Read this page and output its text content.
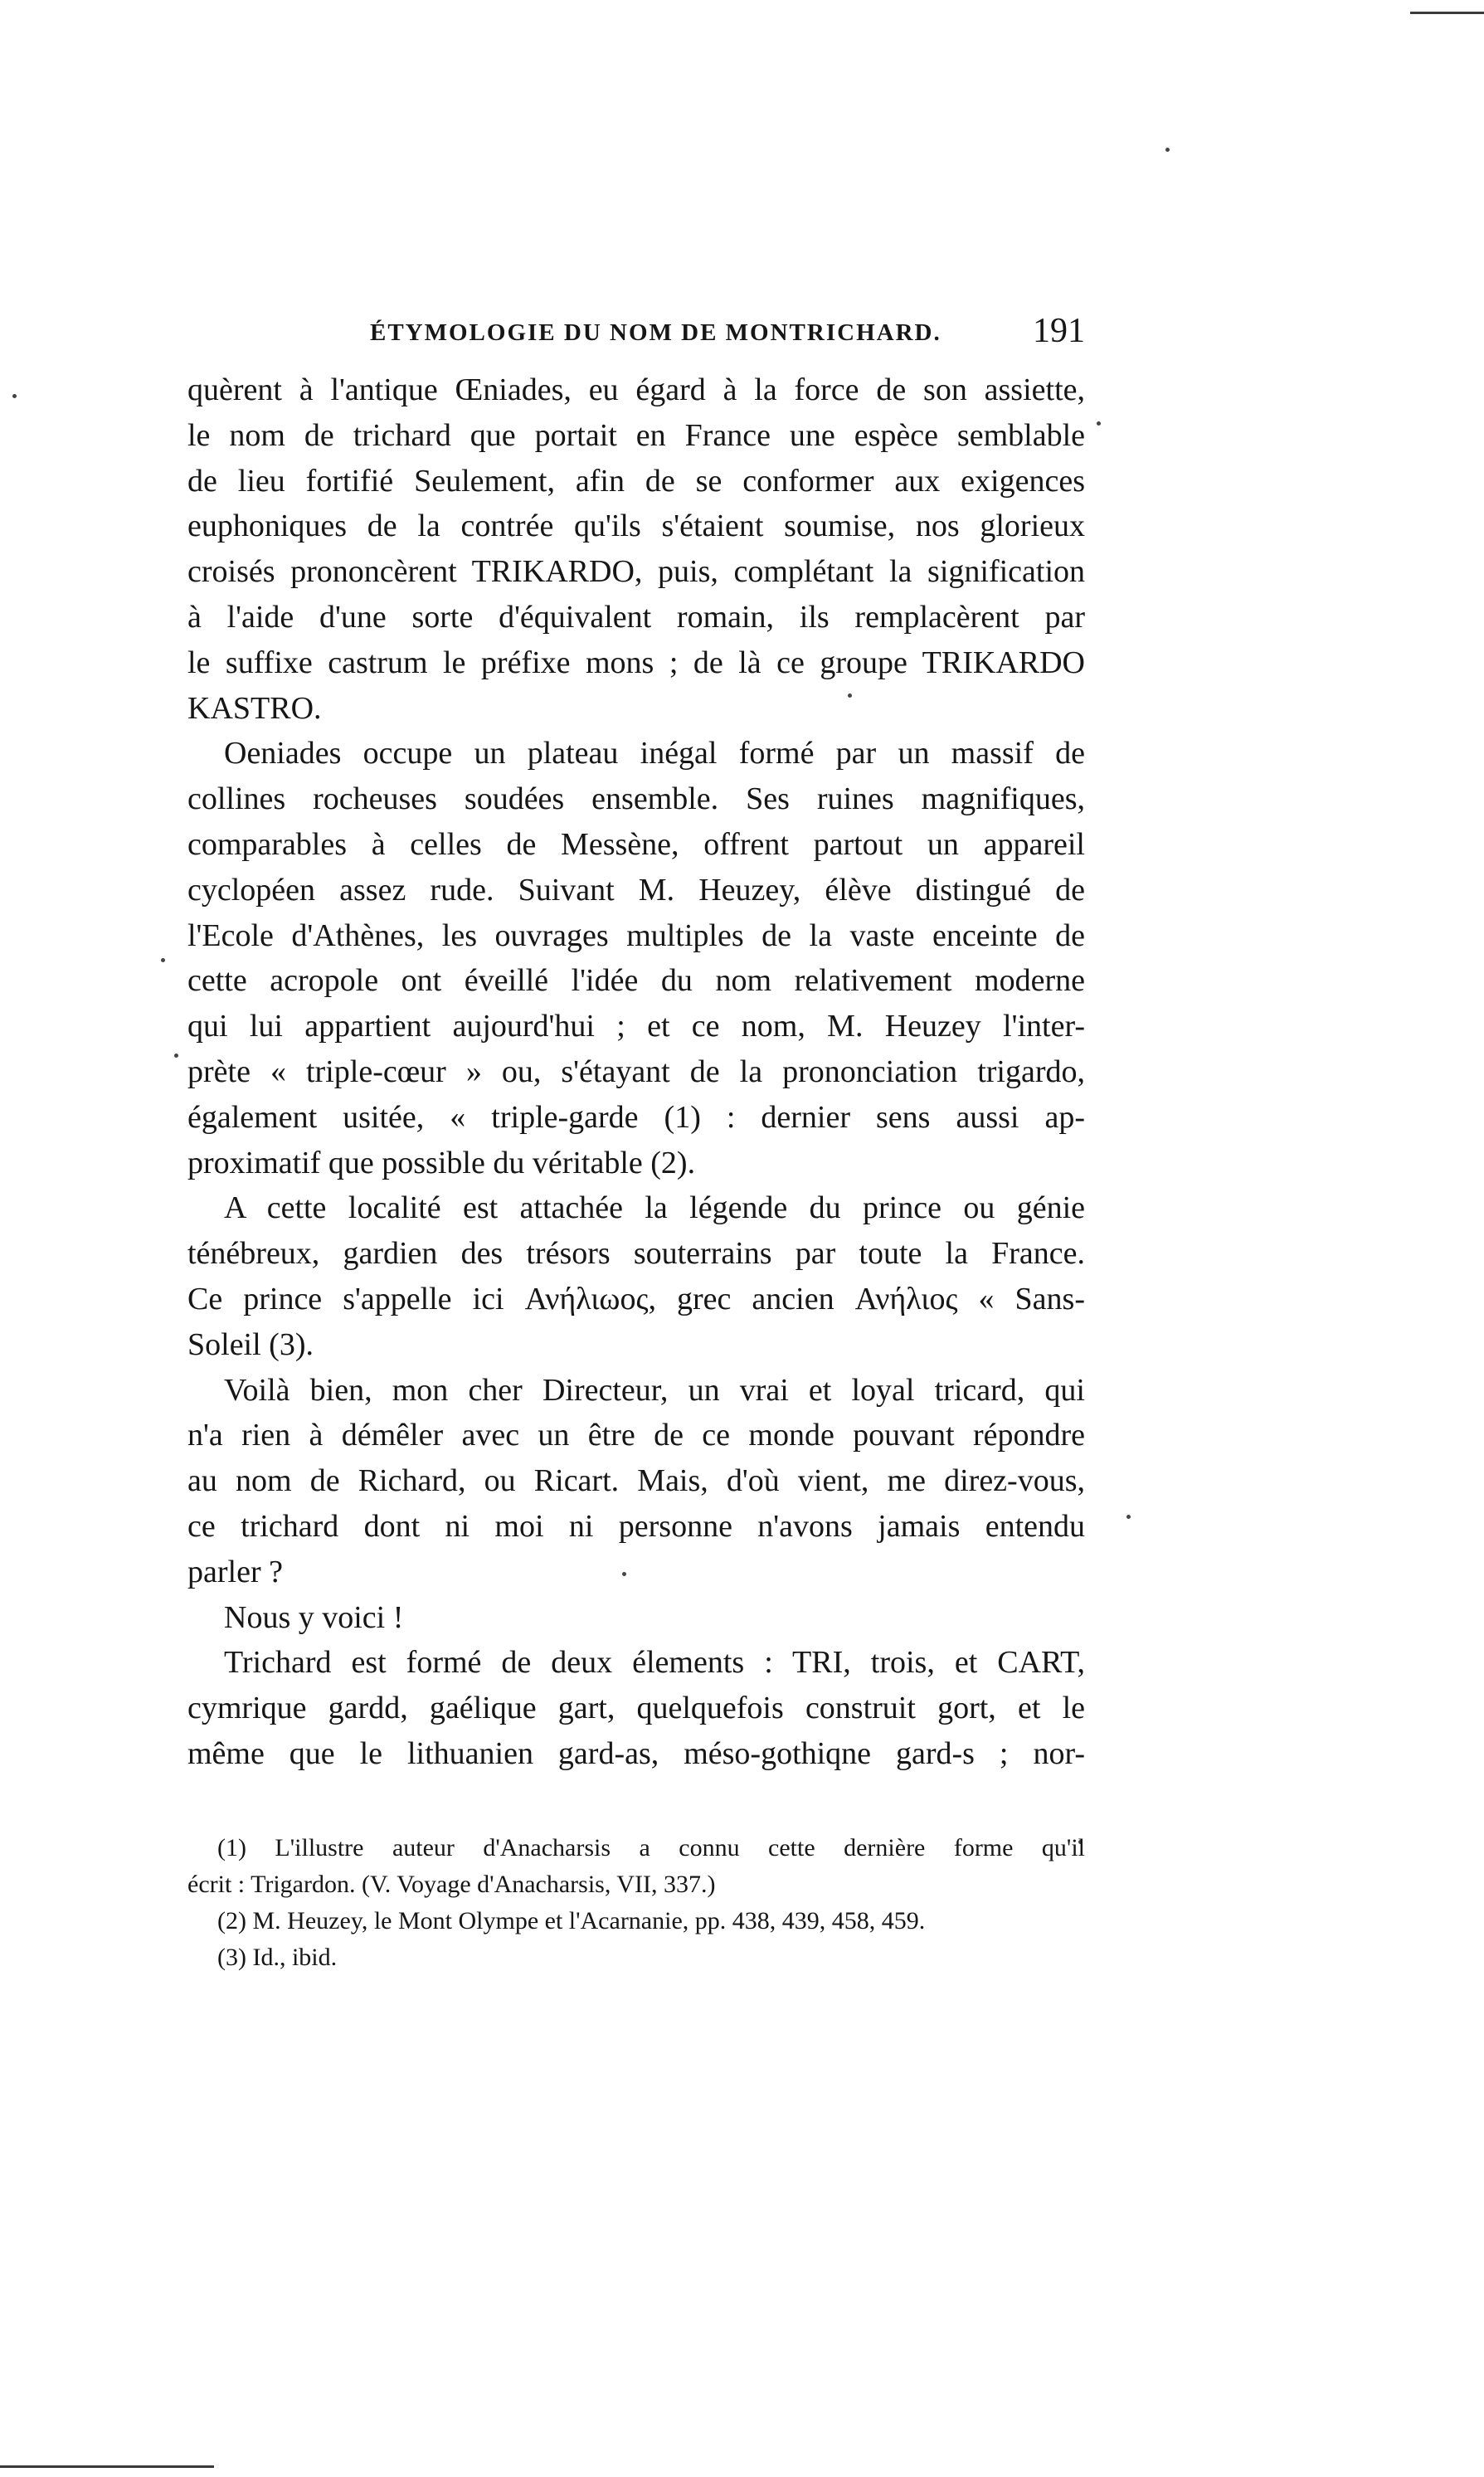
ÉTYMOLOGIE DU NOM DE MONTRICHARD.	191
quèrent à l'antique Œniades, eu égard à la force de son assiette,
le nom de trichard que portait en France une espèce semblable
de lieu fortifié Seulement, afin de se conformer aux exigences
euphoniques de la contrée qu'ils s'étaient soumise, nos glorieux
croisés prononcèrent TRIKARDO, puis, complétant la signification
à l'aide d'une sorte d'équivalent romain, ils remplacèrent par
le suffixe castrum le préfixe mons ; de là ce groupe TRIKARDO
KASTRO.
Oeniades occupe un plateau inégal formé par un massif de
collines rocheuses soudées ensemble. Ses ruines magnifiques,
comparables à celles de Messène, offrent partout un appareil
cyclopéen assez rude. Suivant M. Heuzey, élève distingué de
l'Ecole d'Athènes, les ouvrages multiples de la vaste enceinte de
cette acropole ont éveillé l'idée du nom relativement moderne
qui lui appartient aujourd'hui ; et ce nom, M. Heuzey l'inter-
prète « triple-cœur » ou, s'étayant de la prononciation trigardo,
également usitée, « triple-garde (1) : dernier sens aussi ap-
proximatif que possible du véritable (2).
A cette localité est attachée la légende du prince ou génie
ténébreux, gardien des trésors souterrains par toute la France.
Ce prince s'appelle ici Ανήλιωος, grec ancien Ανήλιος « Sans-
Soleil (3).
Voilà bien, mon cher Directeur, un vrai et loyal tricard, qui
n'a rien à démêler avec un être de ce monde pouvant répondre
au nom de Richard, ou Ricart. Mais, d'où vient, me direz-vous,
ce trichard dont ni moi ni personne n'avons jamais entendu
parler ?
Nous y voici !
Trichard est formé de deux élements : TRI, trois, et CART,
cymrique gardd, gaélique gart, quelquefois construit gort, et le
même que le lithuanien gard-as, méso-gothiqne gard-s ; nor-
(1) L'illustre auteur d'Anacharsis a connu cette dernière forme qu'il
écrit : Trigardon. (V. Voyage d'Anacharsis, VII, 337.)
(2) M. Heuzey, le Mont Olympe et l'Acarnanie, pp. 438, 439, 458, 459.
(3) Id., ibid.
